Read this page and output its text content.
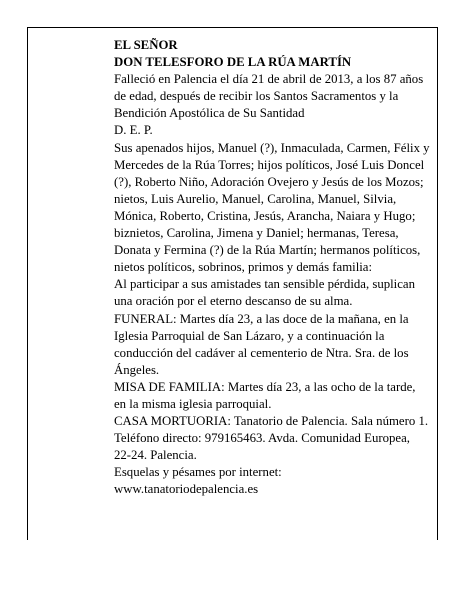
EL SEÑOR

DON TELESFORO DE LA RÚA MARTÍN

Falleció en Palencia el día 21 de abril de 2013, a los 87 años de edad, después de recibir los Santos Sacramentos y la Bendición Apostólica de Su Santidad

D. E. P.

Sus apenados hijos, Manuel (?), Inmaculada, Carmen, Félix y Mercedes de la Rúa Torres; hijos políticos, José Luis Doncel (?), Roberto Niño, Adoración Ovejero y Jesús de los Mozos; nietos, Luis Aurelio, Manuel, Carolina, Manuel, Silvia, Mónica, Roberto, Cristina, Jesús, Arancha, Naiara y Hugo; biznietos, Carolina, Jimena y Daniel; hermanas, Teresa, Donata y Fermina (?) de la Rúa Martín; hermanos políticos, nietos políticos, sobrinos, primos y demás familia:

Al participar a sus amistades tan sensible pérdida, suplican una oración por el eterno descanso de su alma.

FUNERAL: Martes día 23, a las doce de la mañana, en la Iglesia Parroquial de San Lázaro, y a continuación la conducción del cadáver al cementerio de Ntra. Sra. de los Ángeles.

MISA DE FAMILIA: Martes día 23, a las ocho de la tarde, en la misma iglesia parroquial.

CASA MORTUORIA: Tanatorio de Palencia. Sala número 1. Teléfono directo: 979165463. Avda. Comunidad Europea, 22-24. Palencia.

Esquelas y pésames por internet:

www.tanatoriodepalencia.es
